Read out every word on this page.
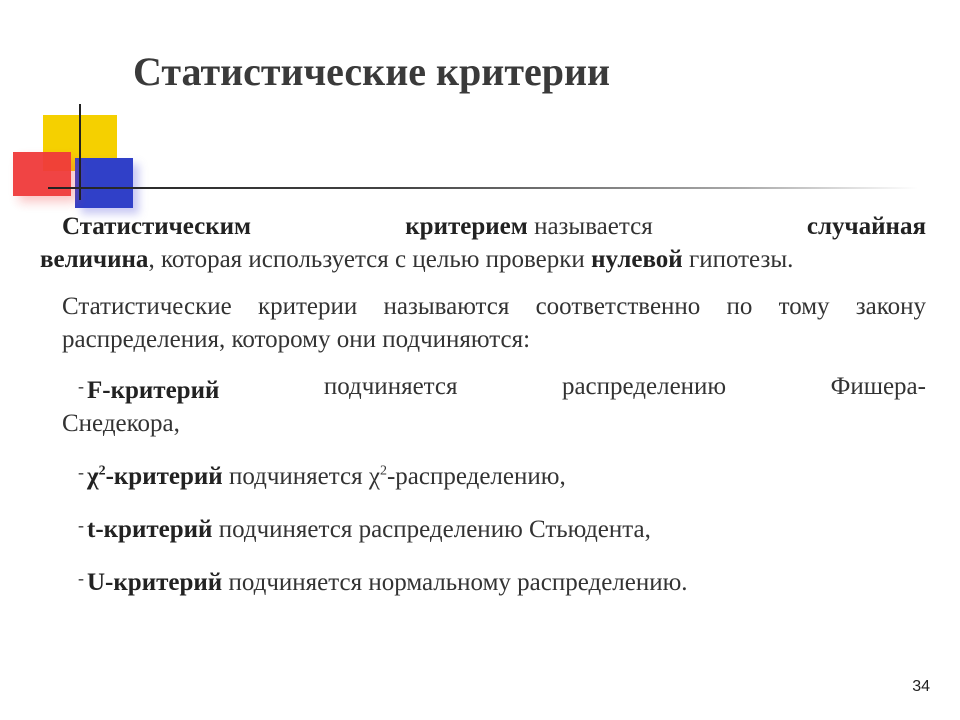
Статистические критерии

Статистическим	критерием называется	случайная

величина, которая используется с целью проверки нулевой гипотезы.

Статистические критерии называются соответственно по тому закону распределения, которому они подчиняются:

- F-критерий	подчиняется	распределению	Фишера-
Снедекора,
- $\chi^2$-критерий подчиняется $\chi^2$-распределению,
- t-критерий подчиняется распределению Стьюдента,
- U-критерий подчиняется нормальному распределению.
34
